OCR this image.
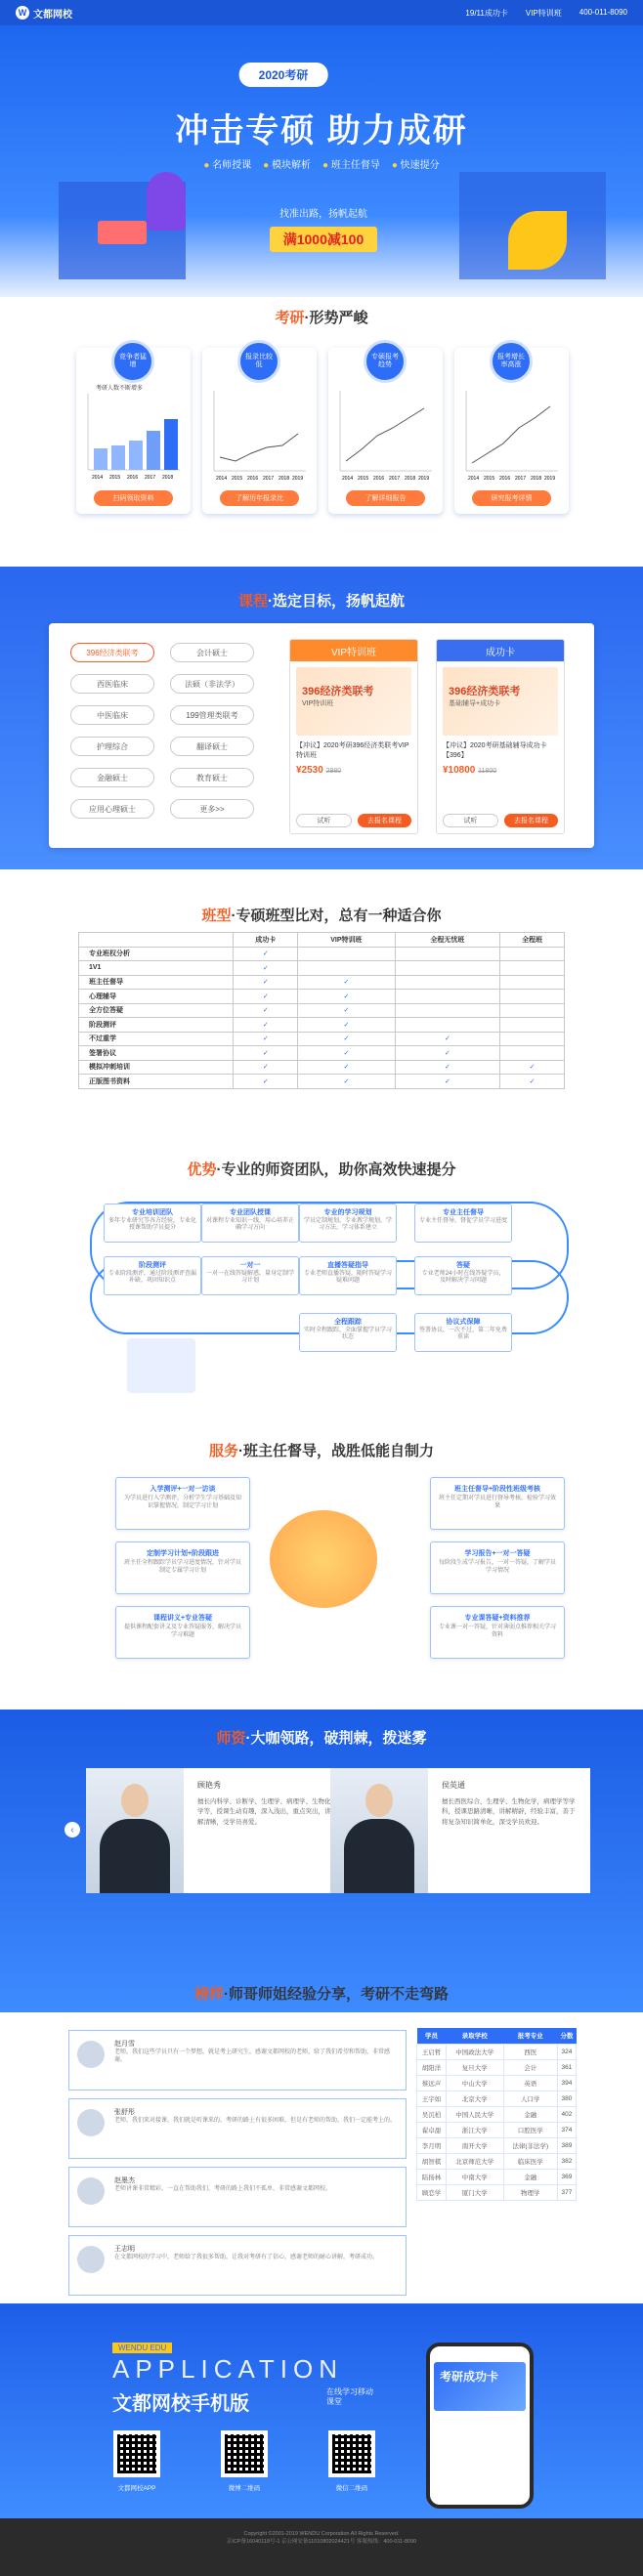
W 文都网校	19/11成功卡 VIP特训班 400-011-8090
2020考研
冲击专硕 助力成研
● 名师授课	● 模块解析	● 班主任督导	● 快速提分
找准出路，扬帆起航
满1000减100
考研·形势严峻
竞争者猛增
考研人数不断增多
2014 2015 2016 2017 2018
扫码领取资料
报录比较低
2014 2015 2016 2017 2018 2019
了解历年报录比
专硕报考趋势
2014 2015 2016 2017 2018 2019
了解详细报告
报考增长率高涨
2014 2015 2016 2017 2018 2019
研究报考详情
课程·选定目标，扬帆起航
396经济类联考	会计硕士
西医临床	法硕（非法学）
中医临床	199管理类联考
护理综合	翻译硕士
金融硕士	教育硕士
应用心理硕士	更多>>
VIP特训班
396经济类联考
VIP特训班
【冲议】2020考研396经济类联考VIP特训班
¥2530 2980
试听	去报名课程
成功卡
396经济类联考
基础辅导+成功卡
【冲议】2020考研基础辅导成功卡【396】
¥10800 11800
试听	去报名课程
班型·专硕班型比对，总有一种适合你
	成功卡	VIP特训班	全程无忧班	全程班
专业班权分析	✓			
1V1	✓			
班主任督导	✓	✓		
心理辅导	✓	✓		
全方位答疑	✓	✓		
阶段测评	✓	✓		
不过重学	✓	✓	✓	
签署协议	✓	✓	✓	
模拟冲刺培训	✓	✓	✓	✓
正版图书资料	✓	✓	✓	✓
优势·专业的师资团队，助你高效快速提分
专业培训团队
多年专业研究等各方经验，专业化授课帮助学员提分
专业团队授课
对课程专业知识一线，用心培养正确学习方向
专业的学习规划
学员定制规划，专业教学规划，学习方法，学习体系建立
专业主任督导
专业主任督导，督促学员学习进度
阶段测评
专业阶段测评，通过阶段测评查漏补缺，巩固知识点
一对一
一对一在线答疑解惑，量身定制学习计划
直播答疑指导
专业老师直播答疑，随时答疑学习疑难问题
答疑
专业老师24小时在线答疑学员，及时解决学习问题
全程跟踪
实时全程跟踪，全面掌握学员学习状态
协议式保障
签署协议，一次不过，第二年免费重读
服务·班主任督导，战胜低能自制力
入学测评+一对一访谈
为学员进行入学测评，分析学生学习基础及知识掌握情况，制定学习计划
定制学习计划+阶段跟进
班主任全程跟踪学员学习进度情况，针对学员制定专属学习计划
课程讲义+专业答疑
提供课程配套讲义及专业答疑服务，解决学员学习难题
班主任督导+阶段性班级考核
班主任定期对学员进行督导考核，检验学习效果
学习报告+一对一答疑
每阶段生成学习报告，一对一答疑，了解学员学习情况
专业课答疑+资料推荐
专业课一对一答疑，针对薄弱点推荐相关学习资料
师资·大咖领路，破荆棘，拨迷雾
‹
顾艳秀
擅长内科学、诊断学、生理学、病理学、生物化学等，授课生动有趣，深入浅出，重点突出，讲解清晰，受学员喜爱。
侯英通
擅长西医综合，生理学、生物化学，病理学等学科，授课思路清晰，讲解精辟，经验丰富，善于将复杂知识简单化，深受学员欢迎。
榜样·师哥师姐经验分享，考研不走弯路
赵月雪
老师，我们这些学员只有一个梦想，就是考上研究生，感谢文都网校的老师，给了我们希望和帮助，非常感谢。
张舒彤
老师，我们来对接课，我们就是听课来的，考研的路上有很多困难，但是有老师的帮助，我们一定能考上的。
赵墨杰
老师讲课非常精彩，一直在帮助我们，考研的路上我们不孤单，非常感谢文都网校。
王志明
在文都网校的学习中，老师给了我很多帮助，让我对考研有了信心，感谢老师的耐心讲解，考研成功。
学员	录取学校	报考专业	分数
王启哲	中国政法大学	西医	324
胡阳洋	复旦大学	会计	361
蔡远声	中山大学	英语	394
王宇如	北京大学	人口学	380
吴沉柏	中国人民大学	金融	402
翟卓甜	浙江大学	口腔医学	374
李月明	南开大学	法律(非法学)	389
胡智棋	北京师范大学	临床医学	382
陆扬林	中南大学	金融	369
顾恋学	厦门大学	物理学	377
WENDU EDU
APPLICATION
文都网校手机版
在线学习移动课堂
文都网校APP	微博二维码	微信二维码
考研成功卡
Copyright ©2001-2019 WENDU Corporation All Rights Reserved.
京ICP备16040118号-1 京公网安备11010802024421号 客服热线：400-011-8090
